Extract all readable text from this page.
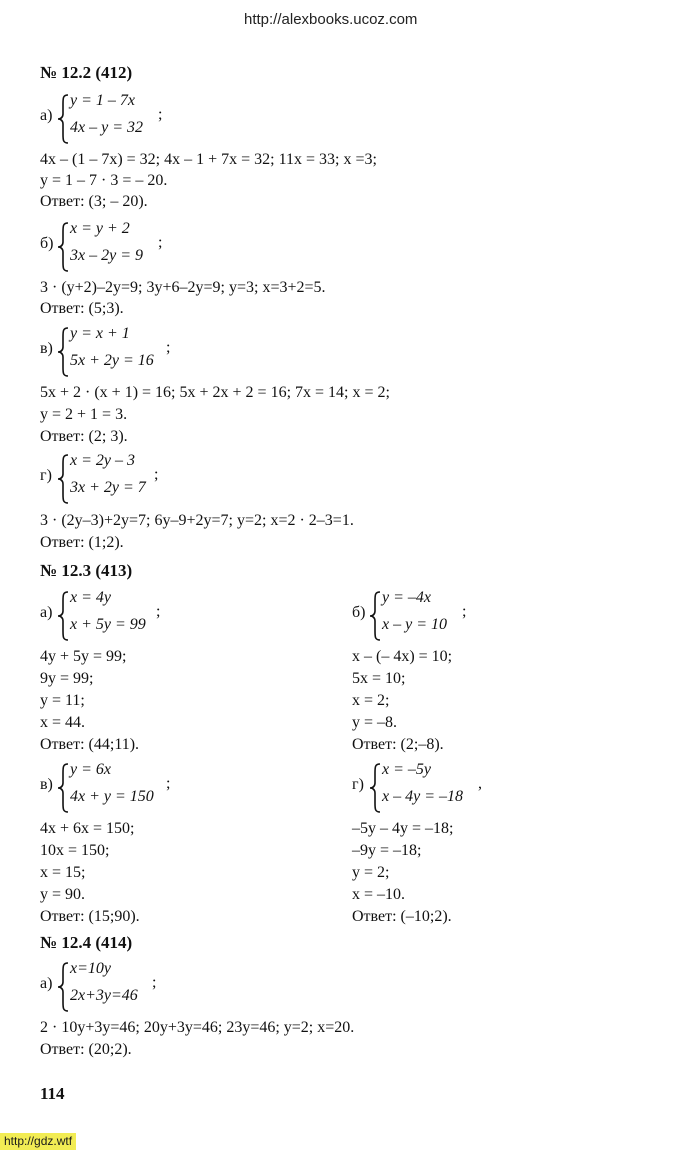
http://alexbooks.ucoz.com
№ 12.2 (412)
а)
y = 1 – 7x
4x – y = 32
;
4x – (1 – 7x) = 32; 4x – 1 + 7x = 32; 11x = 33; x =3;
y = 1 – 7 · 3 = – 20.
Ответ: (3; – 20).
б)
x = y + 2
3x – 2y = 9
;
3 · (y+2)–2y=9; 3y+6–2y=9; y=3; x=3+2=5.
Ответ: (5;3).
в)
y = x + 1
5x + 2y = 16
;
5x + 2 · (x + 1) = 16; 5x + 2x + 2 = 16; 7x = 14; x = 2;
y = 2 + 1 = 3.
Ответ: (2; 3).
г)
x = 2y – 3
3x + 2y = 7
;
3 · (2y–3)+2y=7; 6y–9+2y=7; y=2; x=2 · 2–3=1.
Ответ: (1;2).
№ 12.3 (413)
а)
x = 4y
x + 5y = 99
;
4y + 5y = 99;
9y = 99;
y = 11;
x = 44.
Ответ: (44;11).
б)
y = –4x
x – y = 10
;
x – (– 4x) = 10;
5x = 10;
x = 2;
y = –8.
Ответ: (2;–8).
в)
y = 6x
4x + y = 150
;
4x + 6x = 150;
10x = 150;
x = 15;
y = 90.
Ответ: (15;90).
г)
x = –5y
x – 4y = –18
,
–5y – 4y = –18;
–9y = –18;
y = 2;
x = –10.
Ответ: (–10;2).
№ 12.4 (414)
а)
x=10y
2x+3y=46
;
2 · 10y+3y=46; 20y+3y=46; 23y=46; y=2; x=20.
Ответ: (20;2).
114
http://gdz.wtf
